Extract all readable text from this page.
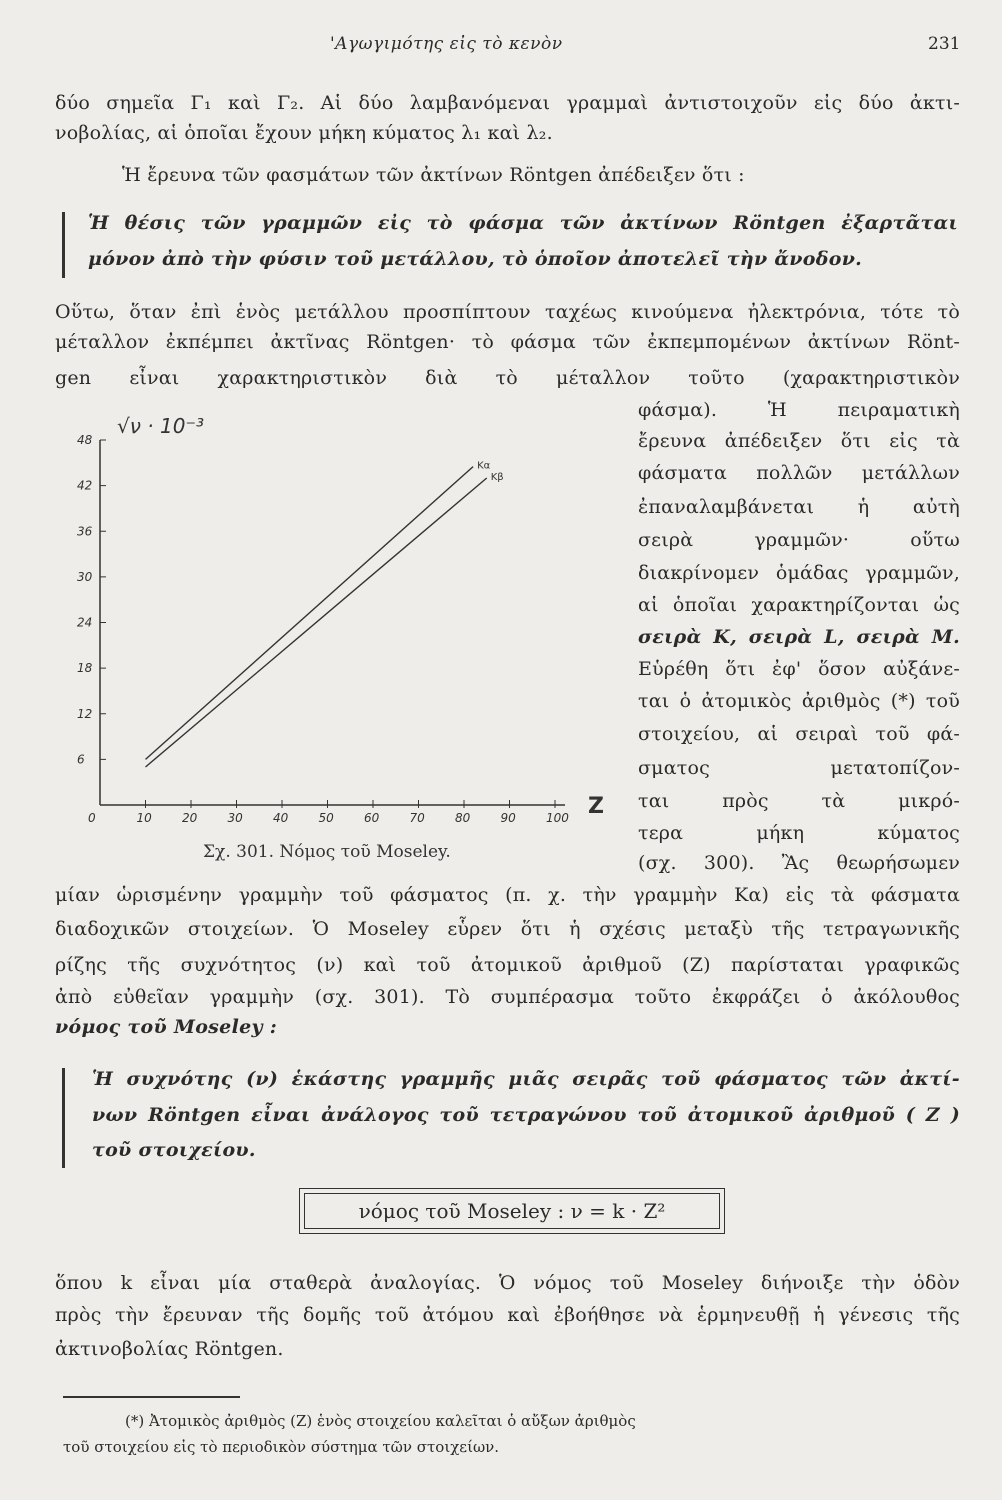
'Αγωγιμότης εἰς τὸ κενὸν	231
δύο σημεῖα Γ₁ καὶ Γ₂. Αἱ δύο λαμβανόμεναι γραμμαὶ ἀντιστοιχοῦν εἰς δύο ἀκτι-
νοβολίας, αἱ ὁποῖαι ἔχουν μήκη κύματος λ₁ καὶ λ₂.
Ἡ ἔρευνα τῶν φασμάτων τῶν ἀκτίνων Röntgen ἀπέδειξεν ὅτι :
Ἡ θέσις τῶν γραμμῶν εἰς τὸ φάσμα τῶν ἀκτίνων Röntgen ἐξαρτᾶται
μόνον ἀπὸ τὴν φύσιν τοῦ μετάλλου, τὸ ὁποῖον ἀποτελεῖ τὴν ἄνοδον.
Οὕτω, ὅταν ἐπὶ ἑνὸς μετάλλου προσπίπτουν ταχέως κινούμενα ἠλεκτρόνια, τότε τὸ
μέταλλον ἐκπέμπει ἀκτῖνας Röntgen· τὸ φάσμα τῶν ἐκπεμπομένων ἀκτίνων Rönt-
gen εἶναι χαρακτηριστικὸν διὰ τὸ μέταλλον τοῦτο (χαρακτηριστικὸν
φάσμα). Ἡ πειραματικὴ
ἔρευνα ἀπέδειξεν ὅτι εἰς τὰ
φάσματα πολλῶν μετάλλων
ἐπαναλαμβάνεται ἡ αὐτὴ
σειρὰ γραμμῶν· οὕτω
διακρίνομεν ὁμάδας γραμμῶν,
αἱ ὁποῖαι χαρακτηρίζονται ὡς
σειρὰ K, σειρὰ L, σειρὰ M.
Εὑρέθη ὅτι ἐφ' ὅσον αὐξάνε-
ται ὁ ἀτομικὸς ἀριθμὸς (*) τοῦ
στοιχείου, αἱ σειραὶ τοῦ φά-
σματος μετατοπίζον-
ται πρὸς τὰ μικρό-
τερα μήκη κύματος
(σχ. 300). Ἂς θεωρήσωμεν
0	10	20	30	40	50	60	70	80	90	100
6
12
18
24
30
36
42
48
Kα
Kβ
√ν · 10⁻³
Z
Σχ. 301. Νόμος τοῦ Moseley.
μίαν ὡρισμένην γραμμὴν τοῦ φάσματος (π. χ. τὴν γραμμὴν Kα) εἰς τὰ φάσματα
διαδοχικῶν στοιχείων. Ὁ Moseley εὗρεν ὅτι ἡ σχέσις μεταξὺ τῆς τετραγωνικῆς
ρίζης τῆς συχνότητος (ν) καὶ τοῦ ἀτομικοῦ ἀριθμοῦ (Z) παρίσταται γραφικῶς
ἀπὸ εὐθεῖαν γραμμὴν (σχ. 301). Τὸ συμπέρασμα τοῦτο ἐκφράζει ὁ ἀκόλουθος
νόμος τοῦ Moseley :
Ἡ συχνότης (ν) ἑκάστης γραμμῆς μιᾶς σειρᾶς τοῦ φάσματος τῶν ἀκτί-
νων Röntgen εἶναι ἀνάλογος τοῦ τετραγώνου τοῦ ἀτομικοῦ ἀριθμοῦ ( Z )
τοῦ στοιχείου.
νόμος τοῦ Moseley : ν = k · Z²
ὅπου k εἶναι μία σταθερὰ ἀναλογίας. Ὁ νόμος τοῦ Moseley διήνοιξε τὴν ὁδὸν
πρὸς τὴν ἔρευναν τῆς δομῆς τοῦ ἀτόμου καὶ ἐβοήθησε νὰ ἑρμηνευθῇ ἡ γένεσις τῆς
ἀκτινοβολίας Röntgen.
(*) Ἀτομικὸς ἀριθμὸς (Z) ἑνὸς στοιχείου καλεῖται ὁ αὔξων ἀριθμὸς
τοῦ στοιχείου εἰς τὸ περιοδικὸν σύστημα τῶν στοιχείων.
